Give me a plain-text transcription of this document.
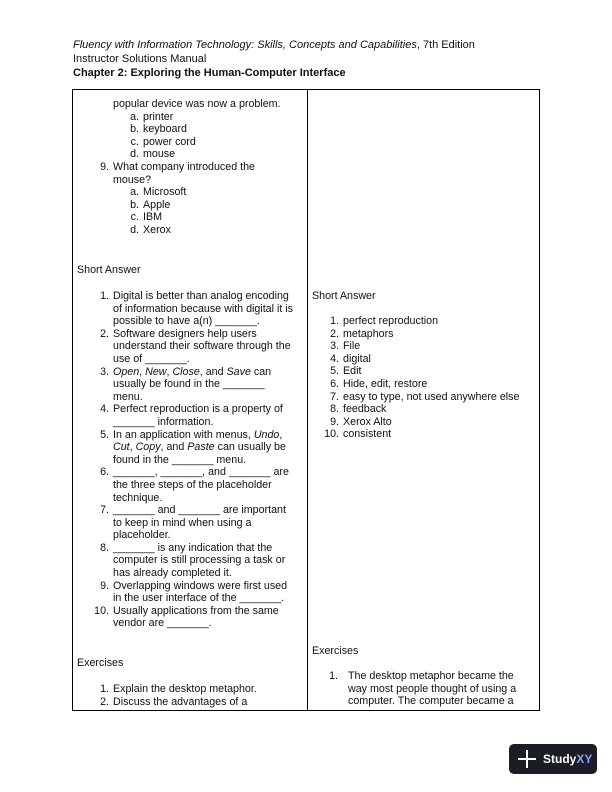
Fluency with Information Technology: Skills, Concepts and Capabilities, 7th Edition
Instructor Solutions Manual
Chapter 2: Exploring the Human-Computer Interface
popular device was now a problem.
a. printer
b. keyboard
c. power cord
d. mouse
9. What company introduced the
mouse?
a. Microsoft
b. Apple
c. IBM
d. Xerox
Short Answer
1. Digital is better than analog encoding
of information because with digital it is
possible to have a(n) _______.
2. Software designers help users
understand their software through the
use of _______.
3. Open, New, Close, and Save can
usually be found in the _______
menu.
4. Perfect reproduction is a property of
_______ information.
5. In an application with menus, Undo,
Cut, Copy, and Paste can usually be
found in the _______ menu.
6. _______, _______, and _______ are
the three steps of the placeholder
technique.
7. _______ and _______ are important
to keep in mind when using a
placeholder.
8. _______ is any indication that the
computer is still processing a task or
has already completed it.
9. Overlapping windows were first used
in the user interface of the _______.
10. Usually applications from the same
vendor are _______.
Exercises
1. Explain the desktop metaphor.
2. Discuss the advantages of a
Short Answer
1. perfect reproduction
2. metaphors
3. File
4. digital
5. Edit
6. Hide, edit, restore
7. easy to type, not used anywhere else
8. feedback
9. Xerox Alto
10. consistent
Exercises
1. The desktop metaphor became the
way most people thought of using a
computer. The computer became a
StudyXY
